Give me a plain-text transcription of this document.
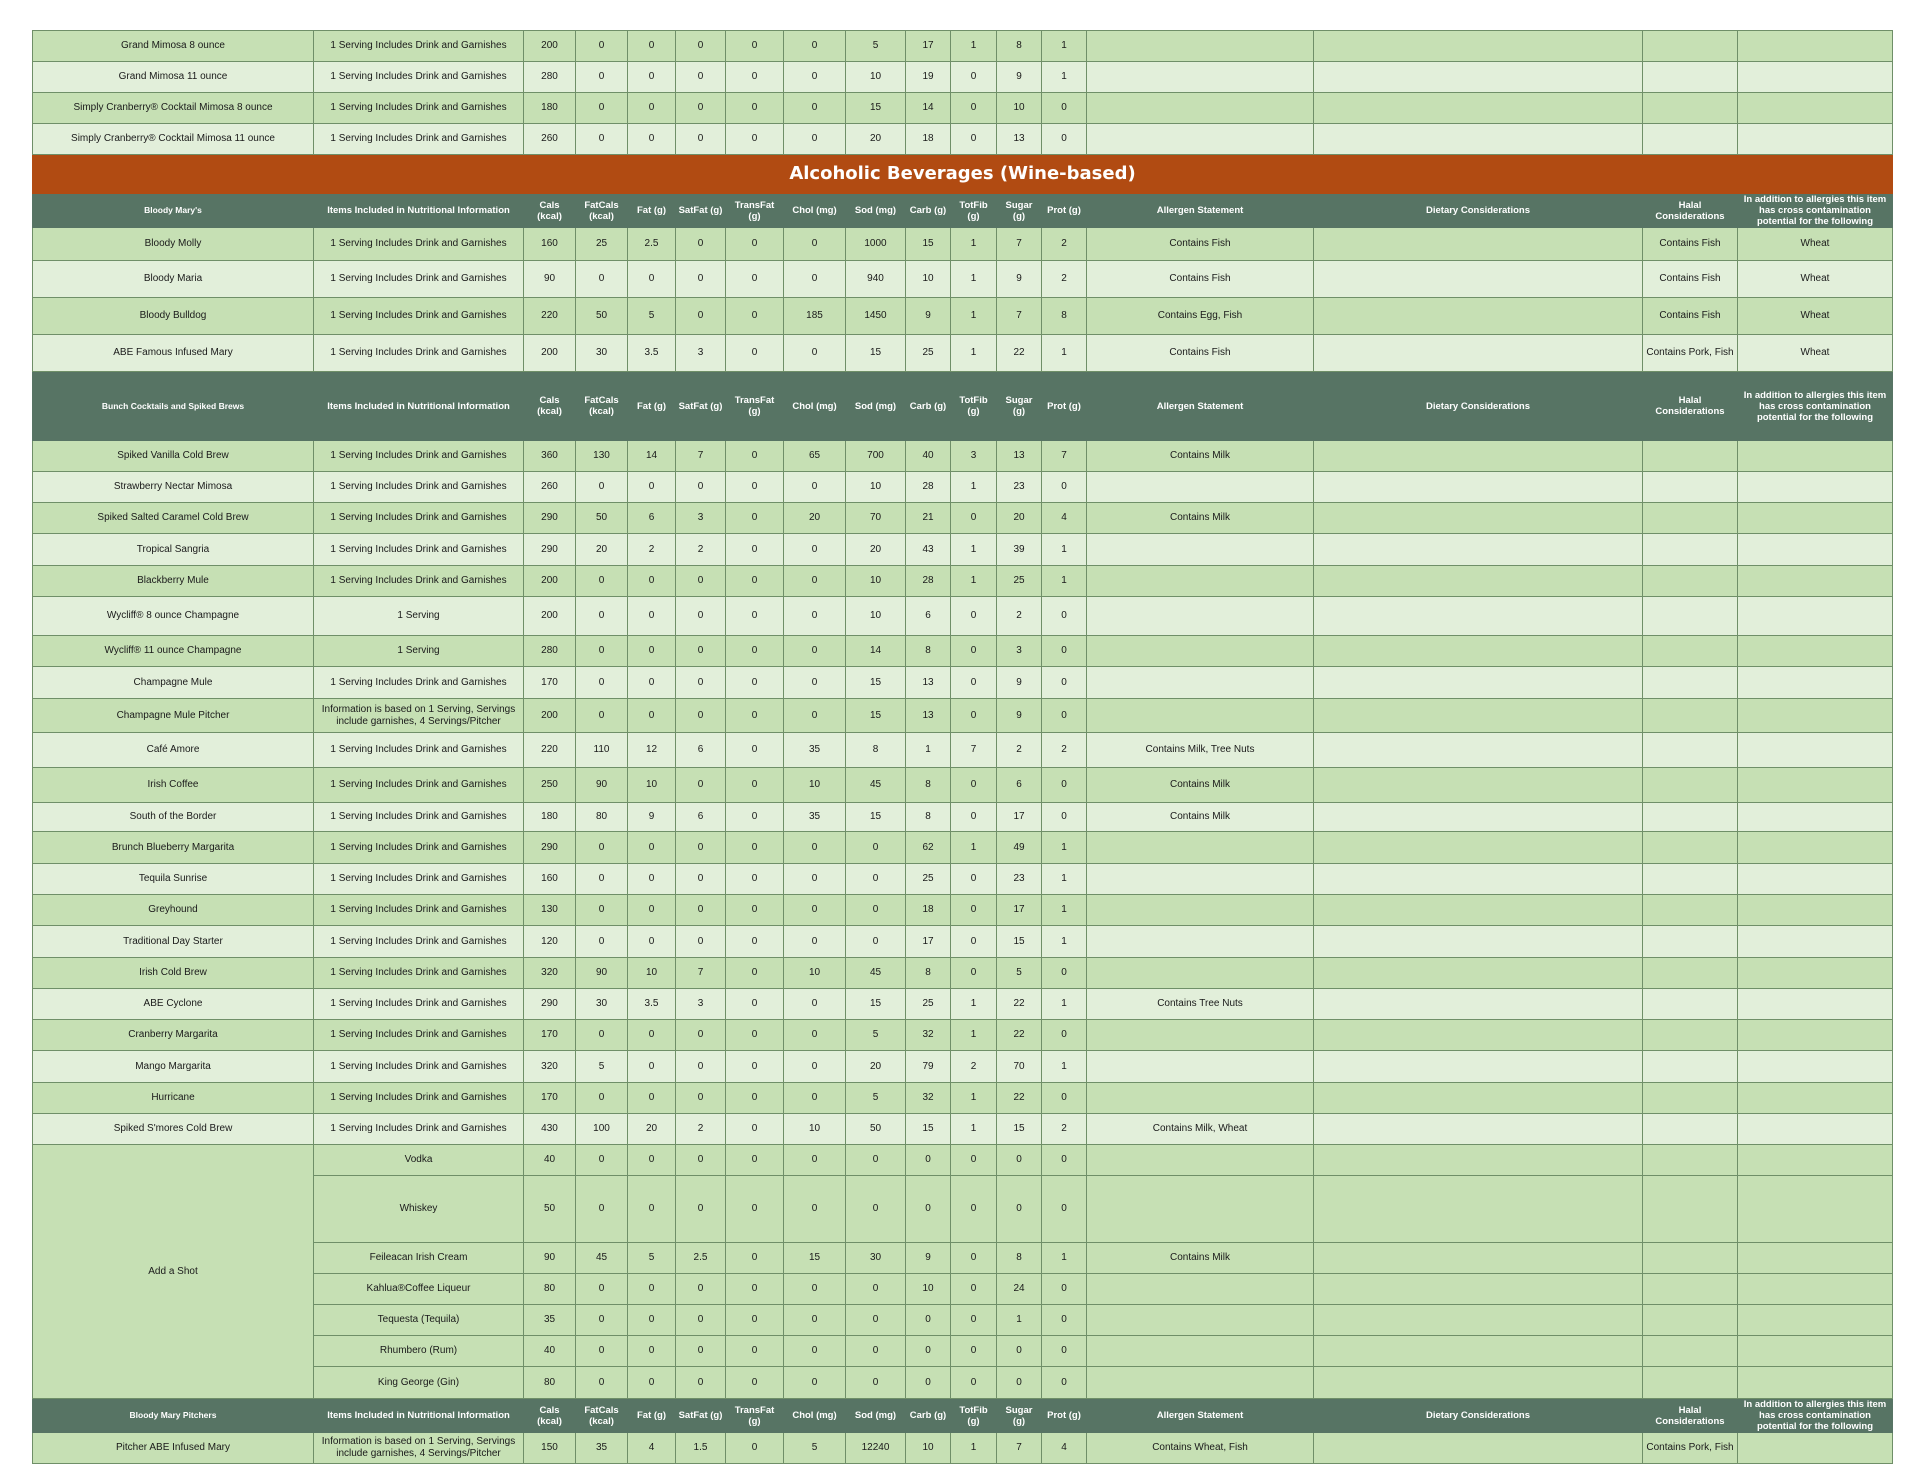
Grand Mimosa 8 ounce	1 Serving Includes Drink and Garnishes	200	0	0	0	0	0	5	17	1	8	1				
Grand Mimosa 11 ounce	1 Serving Includes Drink and Garnishes	280	0	0	0	0	0	10	19	0	9	1				
Simply Cranberry® Cocktail Mimosa 8 ounce	1 Serving Includes Drink and Garnishes	180	0	0	0	0	0	15	14	0	10	0				
Simply Cranberry® Cocktail Mimosa 11 ounce	1 Serving Includes Drink and Garnishes	260	0	0	0	0	0	20	18	0	13	0				
Alcoholic Beverages (Wine-based)																
Bloody Mary's	Items Included in Nutritional Information	Cals (kcal)	FatCals (kcal)	Fat (g)	SatFat (g)	TransFat (g)	Chol (mg)	Sod (mg)	Carb (g)	TotFib (g)	Sugar (g)	Prot (g)	Allergen Statement	Dietary Considerations	Halal Considerations	In addition to allergies this item has cross contamination potential for the following
Bloody Molly	1 Serving Includes Drink and Garnishes	160	25	2.5	0	0	0	1000	15	1	7	2	Contains Fish		Contains Fish	Wheat
Bloody Maria	1 Serving Includes Drink and Garnishes	90	0	0	0	0	0	940	10	1	9	2	Contains Fish		Contains Fish	Wheat
Bloody Bulldog	1 Serving Includes Drink and Garnishes	220	50	5	0	0	185	1450	9	1	7	8	Contains Egg, Fish		Contains Fish	Wheat
ABE Famous Infused Mary	1 Serving Includes Drink and Garnishes	200	30	3.5	3	0	0	15	25	1	22	1	Contains Fish		Contains Pork, Fish	Wheat
Bunch Cocktails and Spiked Brews	Items Included in Nutritional Information	Cals (kcal)	FatCals (kcal)	Fat (g)	SatFat (g)	TransFat (g)	Chol (mg)	Sod (mg)	Carb (g)	TotFib (g)	Sugar (g)	Prot (g)	Allergen Statement	Dietary Considerations	Halal Considerations	In addition to allergies this item has cross contamination potential for the following
Spiked Vanilla Cold Brew	1 Serving Includes Drink and Garnishes	360	130	14	7	0	65	700	40	3	13	7	Contains Milk			
Strawberry Nectar Mimosa	1 Serving Includes Drink and Garnishes	260	0	0	0	0	0	10	28	1	23	0				
Spiked Salted Caramel Cold Brew	1 Serving Includes Drink and Garnishes	290	50	6	3	0	20	70	21	0	20	4	Contains Milk			
Tropical Sangria	1 Serving Includes Drink and Garnishes	290	20	2	2	0	0	20	43	1	39	1				
Blackberry Mule	1 Serving Includes Drink and Garnishes	200	0	0	0	0	0	10	28	1	25	1				
Wycliff® 8 ounce Champagne	1 Serving	200	0	0	0	0	0	10	6	0	2	0				
Wycliff® 11 ounce Champagne	1 Serving	280	0	0	0	0	0	14	8	0	3	0				
Champagne Mule	1 Serving Includes Drink and Garnishes	170	0	0	0	0	0	15	13	0	9	0				
Champagne Mule Pitcher	Information is based on 1 Serving, Servings include garnishes, 4 Servings/Pitcher	200	0	0	0	0	0	15	13	0	9	0				
Café Amore	1 Serving Includes Drink and Garnishes	220	110	12	6	0	35	8	1	7	2	2	Contains Milk, Tree Nuts			
Irish Coffee	1 Serving Includes Drink and Garnishes	250	90	10	0	0	10	45	8	0	6	0	Contains Milk			
South of the Border	1 Serving Includes Drink and Garnishes	180	80	9	6	0	35	15	8	0	17	0	Contains Milk			
Brunch Blueberry Margarita	1 Serving Includes Drink and Garnishes	290	0	0	0	0	0	0	62	1	49	1				
Tequila Sunrise	1 Serving Includes Drink and Garnishes	160	0	0	0	0	0	0	25	0	23	1				
Greyhound	1 Serving Includes Drink and Garnishes	130	0	0	0	0	0	0	18	0	17	1				
Traditional Day Starter	1 Serving Includes Drink and Garnishes	120	0	0	0	0	0	0	17	0	15	1				
Irish Cold Brew	1 Serving Includes Drink and Garnishes	320	90	10	7	0	10	45	8	0	5	0				
ABE Cyclone	1 Serving Includes Drink and Garnishes	290	30	3.5	3	0	0	15	25	1	22	1	Contains Tree Nuts			
Cranberry Margarita	1 Serving Includes Drink and Garnishes	170	0	0	0	0	0	5	32	1	22	0				
Mango Margarita	1 Serving Includes Drink and Garnishes	320	5	0	0	0	0	20	79	2	70	1				
Hurricane	1 Serving Includes Drink and Garnishes	170	0	0	0	0	0	5	32	1	22	0				
Spiked S'mores Cold Brew	1 Serving Includes Drink and Garnishes	430	100	20	2	0	10	50	15	1	15	2	Contains Milk, Wheat			
Add a Shot	Vodka	40	0	0	0	0	0	0	0	0	0	0				
	Whiskey	50	0	0	0	0	0	0	0	0	0	0				
	Feileacan Irish Cream	90	45	5	2.5	0	15	30	9	0	8	1	Contains Milk			
	Kahlua®Coffee Liqueur	80	0	0	0	0	0	0	10	0	24	0				
	Tequesta (Tequila)	35	0	0	0	0	0	0	0	0	1	0				
	Rhumbero (Rum)	40	0	0	0	0	0	0	0	0	0	0				
	King George (Gin)	80	0	0	0	0	0	0	0	0	0	0				
Bloody Mary Pitchers	Items Included in Nutritional Information	Cals (kcal)	FatCals (kcal)	Fat (g)	SatFat (g)	TransFat (g)	Chol (mg)	Sod (mg)	Carb (g)	TotFib (g)	Sugar (g)	Prot (g)	Allergen Statement	Dietary Considerations	Halal Considerations	In addition to allergies this item has cross contamination potential for the following
Pitcher ABE Infused Mary	Information is based on 1 Serving, Servings include garnishes, 4 Servings/Pitcher	150	35	4	1.5	0	5	12240	10	1	7	4	Contains Wheat, Fish		Contains Pork, Fish	
